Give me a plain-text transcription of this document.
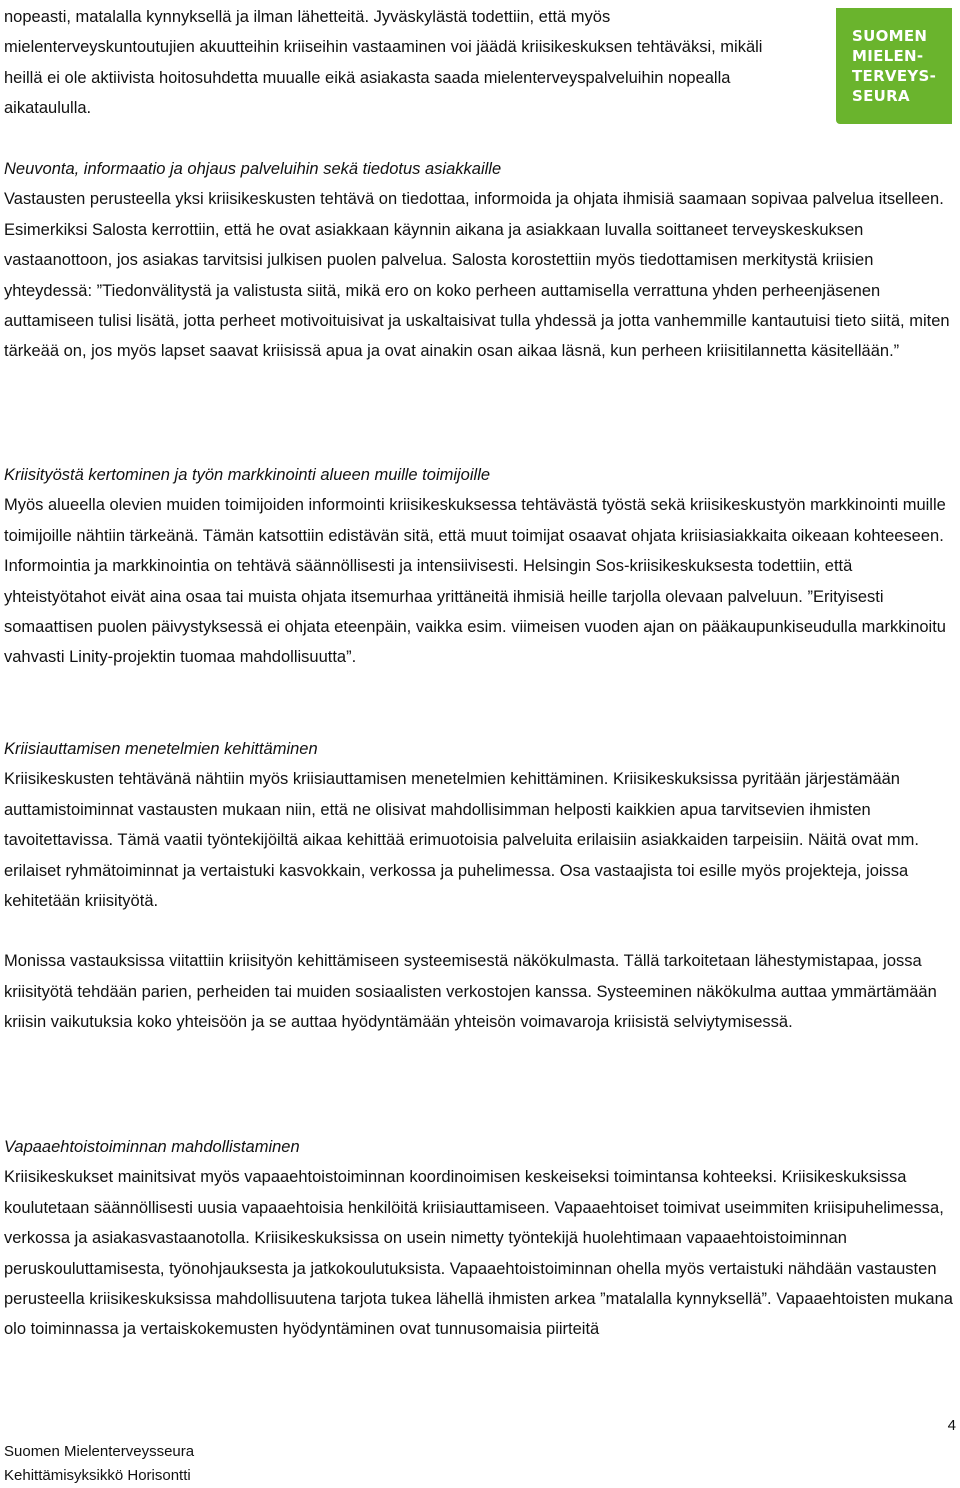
nopeasti, matalalla kynnyksellä ja ilman lähetteitä. Jyväskylästä todettiin, että myös mielenterveyskuntoutujien akuutteihin kriiseihin vastaaminen voi jäädä kriisikeskuksen tehtäväksi, mikäli heillä ei ole aktiivista hoitosuhdetta muualle eikä asiakasta saada mielenterveyspalveluihin nopealla aikataululla.

SUOMEN
MIELEN-
TERVEYS-
SEURA

Neuvonta, informaatio ja ohjaus palveluihin sekä tiedotus asiakkaille

Vastausten perusteella yksi kriisikeskusten tehtävä on tiedottaa, informoida ja ohjata ihmisiä saamaan sopivaa palvelua itselleen. Esimerkiksi Salosta kerrottiin, että he ovat asiakkaan käynnin aikana ja asiakkaan luvalla soittaneet terveyskeskuksen vastaanottoon, jos asiakas tarvitsisi julkisen puolen palvelua. Salosta korostettiin myös tiedottamisen merkitystä kriisien yhteydessä: ”Tiedonvälitystä ja valistusta siitä, mikä ero on koko perheen auttamisella verrattuna yhden perheenjäsenen auttamiseen tulisi lisätä, jotta perheet motivoituisivat ja uskaltaisivat tulla yhdessä ja jotta vanhemmille kantautuisi tieto siitä, miten tärkeää on, jos myös lapset saavat kriisissä apua ja ovat ainakin osan aikaa läsnä, kun perheen kriisitilannetta käsitellään.”

Kriisityöstä kertominen ja työn markkinointi alueen muille toimijoille

Myös alueella olevien muiden toimijoiden informointi kriisikeskuksessa tehtävästä työstä sekä kriisikeskustyön markkinointi muille toimijoille nähtiin tärkeänä. Tämän katsottiin edistävän sitä, että muut toimijat osaavat ohjata kriisiasiakkaita oikeaan kohteeseen. Informointia ja markkinointia on tehtävä säännöllisesti ja intensiivisesti. Helsingin Sos-kriisikeskuksesta todettiin, että yhteistyötahot eivät aina osaa tai muista ohjata itsemurhaa yrittäneitä ihmisiä heille tarjolla olevaan palveluun. ”Erityisesti somaattisen puolen päivystyksessä ei ohjata eteenpäin, vaikka esim. viimeisen vuoden ajan on pääkaupunkiseudulla markkinoitu vahvasti Linity-projektin tuomaa mahdollisuutta”.

Kriisiauttamisen menetelmien kehittäminen

Kriisikeskusten tehtävänä nähtiin myös kriisiauttamisen menetelmien kehittäminen. Kriisikeskuksissa pyritään järjestämään auttamistoiminnat vastausten mukaan niin, että ne olisivat mahdollisimman helposti kaikkien apua tarvitsevien ihmisten tavoitettavissa. Tämä vaatii työntekijöiltä aikaa kehittää erimuotoisia palveluita erilaisiin asiakkaiden tarpeisiin. Näitä ovat mm. erilaiset ryhmätoiminnat ja vertaistuki kasvokkain, verkossa ja puhelimessa. Osa vastaajista toi esille myös projekteja, joissa kehitetään kriisityötä.

Monissa vastauksissa viitattiin kriisityön kehittämiseen systeemisestä näkökulmasta. Tällä tarkoitetaan lähestymistapaa, jossa kriisityötä tehdään parien, perheiden tai muiden sosiaalisten verkostojen kanssa. Systeeminen näkökulma auttaa ymmärtämään kriisin vaikutuksia koko yhteisöön ja se auttaa hyödyntämään yhteisön voimavaroja kriisistä selviytymisessä.

Vapaaehtoistoiminnan mahdollistaminen

Kriisikeskukset mainitsivat myös vapaaehtoistoiminnan koordinoimisen keskeiseksi toimintansa kohteeksi. Kriisikeskuksissa koulutetaan säännöllisesti uusia vapaaehtoisia henkilöitä kriisiauttamiseen. Vapaaehtoiset toimivat useimmiten kriisipuhelimessa, verkossa ja asiakasvastaanotolla. Kriisikeskuksissa on usein nimetty työntekijä huolehtimaan vapaaehtoistoiminnan peruskouluttamisesta, työnohjauksesta ja jatkokoulutuksista. Vapaaehtoistoiminnan ohella myös vertaistuki nähdään vastausten perusteella kriisikeskuksissa mahdollisuutena tarjota tukea lähellä ihmisten arkea ”matalalla kynnyksellä”. Vapaaehtoisten mukana olo toiminnassa ja vertaiskokemusten hyödyntäminen ovat tunnusomaisia piirteitä

4
Suomen Mielenterveysseura
Kehittämisyksikkö Horisontti
